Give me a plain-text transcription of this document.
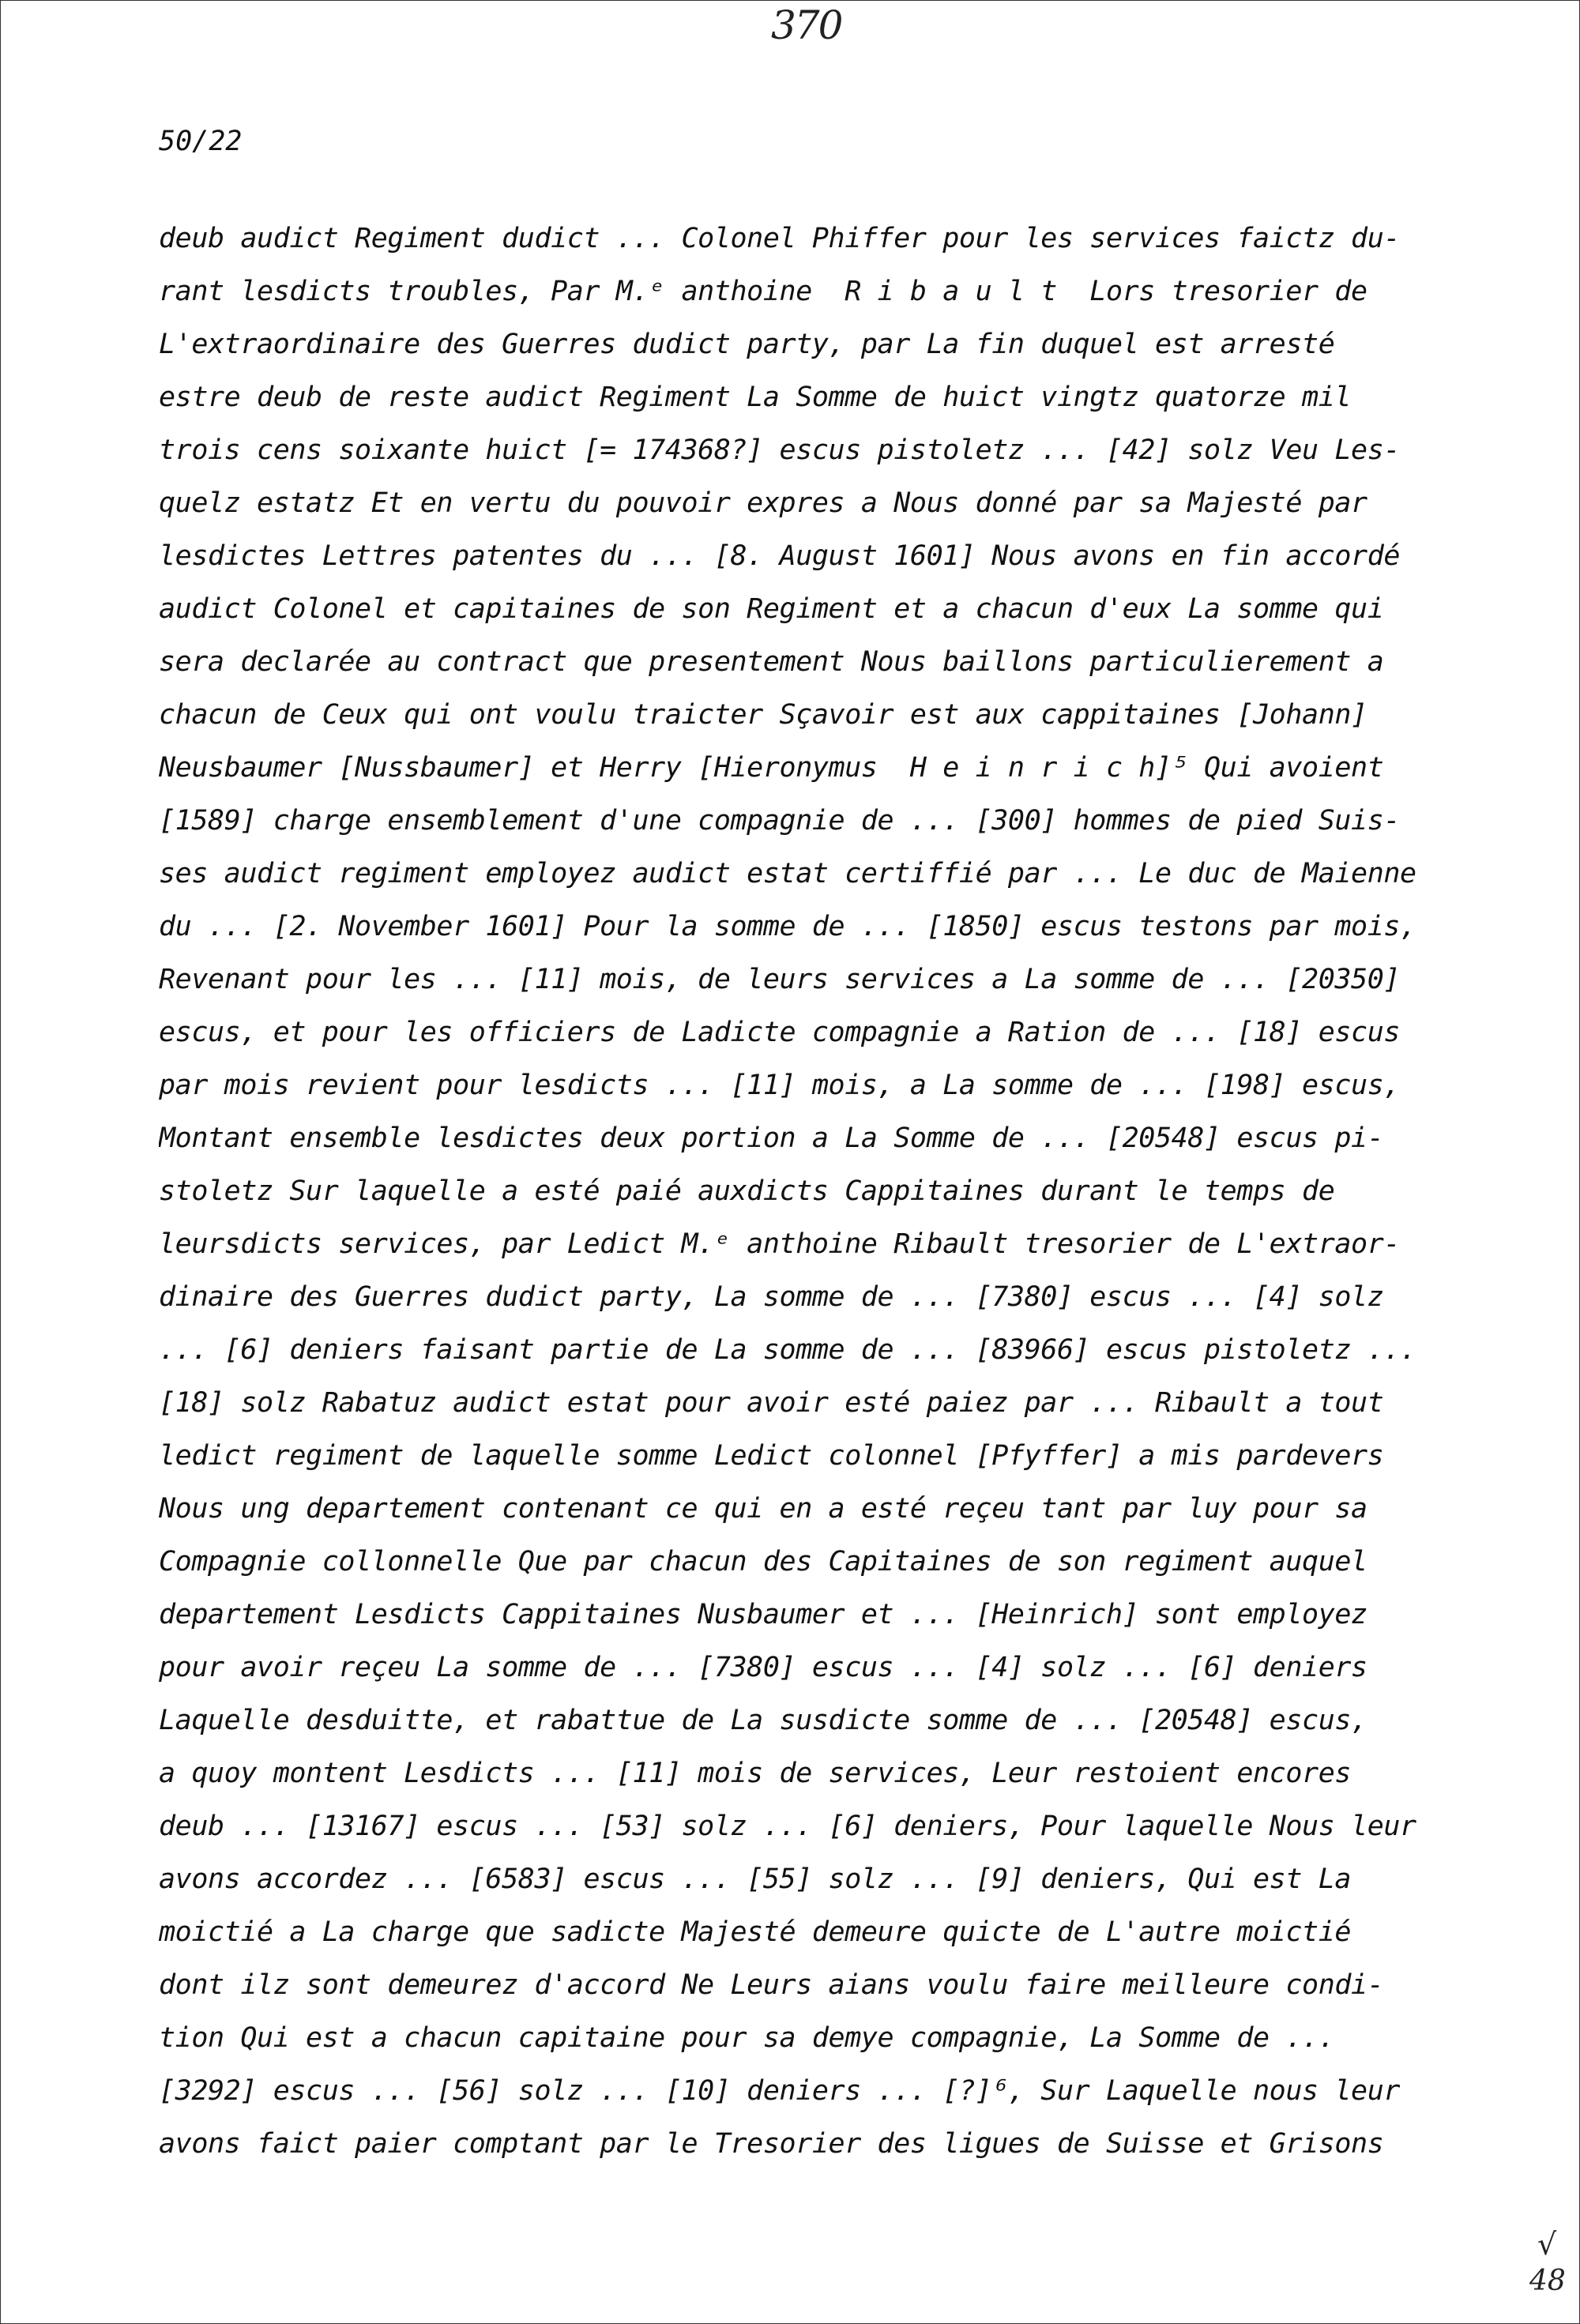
370
50/22
deub audict Regiment dudict ... Colonel Phiffer pour les services faictz du-
rant lesdicts troubles, Par M.ᵉ anthoine  R i b a u l t  Lors tresorier de
L'extraordinaire des Guerres dudict party, par La fin duquel est arresté
estre deub de reste audict Regiment La Somme de huict vingtz quatorze mil
trois cens soixante huict [= 174368?] escus pistoletz ... [42] solz Veu Les-
quelz estatz Et en vertu du pouvoir expres a Nous donné par sa Majesté par
lesdictes Lettres patentes du ... [8. August 1601] Nous avons en fin accordé
audict Colonel et capitaines de son Regiment et a chacun d'eux La somme qui
sera declarée au contract que presentement Nous baillons particulierement a
chacun de Ceux qui ont voulu traicter Sçavoir est aux cappitaines [Johann]
Neusbaumer [Nussbaumer] et Herry [Hieronymus  H e i n r i c h]⁵ Qui avoient
[1589] charge ensemblement d'une compagnie de ... [300] hommes de pied Suis-
ses audict regiment employez audict estat certiffié par ... Le duc de Maienne
du ... [2. November 1601] Pour la somme de ... [1850] escus testons par mois,
Revenant pour les ... [11] mois, de leurs services a La somme de ... [20350]
escus, et pour les officiers de Ladicte compagnie a Ration de ... [18] escus
par mois revient pour lesdicts ... [11] mois, a La somme de ... [198] escus,
Montant ensemble lesdictes deux portion a La Somme de ... [20548] escus pi-
stoletz Sur laquelle a esté paié auxdicts Cappitaines durant le temps de
leursdicts services, par Ledict M.ᵉ anthoine Ribault tresorier de L'extraor-
dinaire des Guerres dudict party, La somme de ... [7380] escus ... [4] solz
... [6] deniers faisant partie de La somme de ... [83966] escus pistoletz ...
[18] solz Rabatuz audict estat pour avoir esté paiez par ... Ribault a tout
ledict regiment de laquelle somme Ledict colonnel [Pfyffer] a mis pardevers
Nous ung departement contenant ce qui en a esté reçeu tant par luy pour sa
Compagnie collonnelle Que par chacun des Capitaines de son regiment auquel
departement Lesdicts Cappitaines Nusbaumer et ... [Heinrich] sont employez
pour avoir reçeu La somme de ... [7380] escus ... [4] solz ... [6] deniers
Laquelle desduitte, et rabattue de La susdicte somme de ... [20548] escus,
a quoy montent Lesdicts ... [11] mois de services, Leur restoient encores
deub ... [13167] escus ... [53] solz ... [6] deniers, Pour laquelle Nous leur
avons accordez ... [6583] escus ... [55] solz ... [9] deniers, Qui est La
moictié a La charge que sadicte Majesté demeure quicte de L'autre moictié
dont ilz sont demeurez d'accord Ne Leurs aians voulu faire meilleure condi-
tion Qui est a chacun capitaine pour sa demye compagnie, La Somme de ...
[3292] escus ... [56] solz ... [10] deniers ... [?]⁶, Sur Laquelle nous leur
avons faict paier comptant par le Tresorier des ligues de Suisse et Grisons
√
48
